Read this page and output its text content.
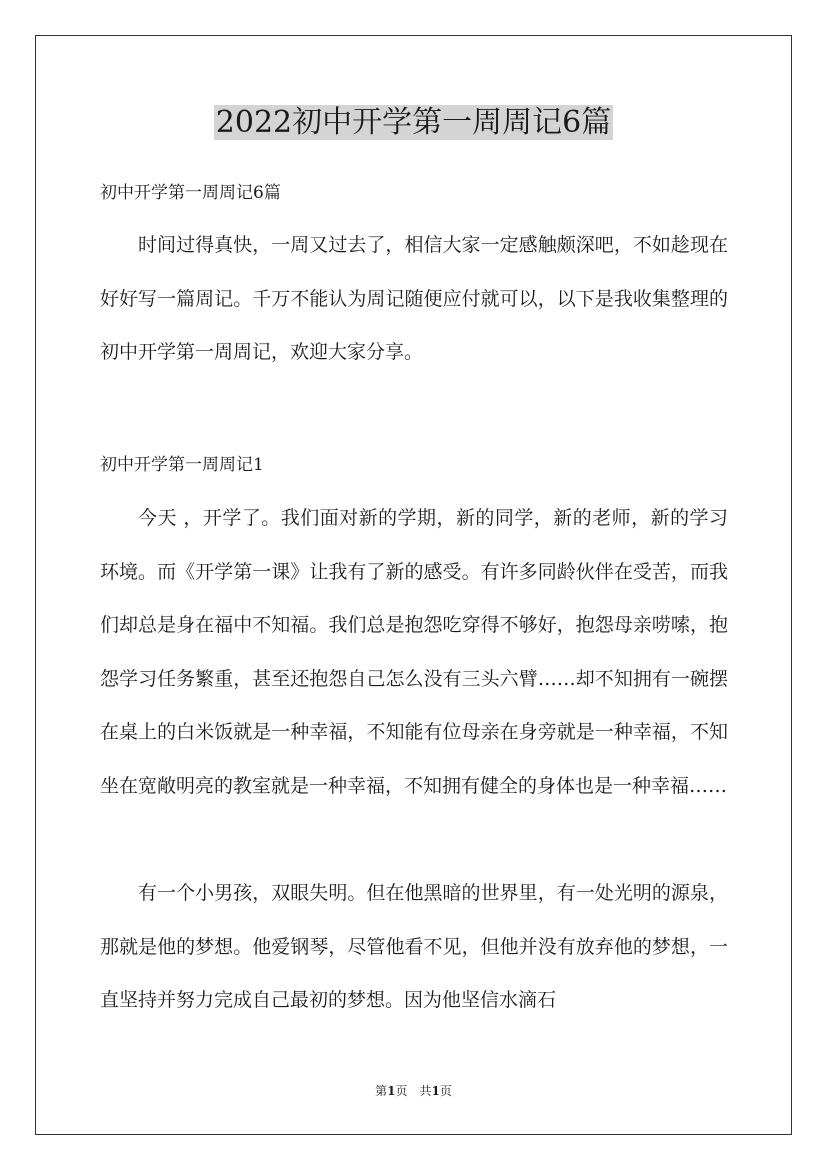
2022初中开学第一周周记6篇
初中开学第一周周记6篇

时间过得真快，一周又过去了，相信大家一定感触颇深吧，不如趁现在好好写一篇周记。千万不能认为周记随便应付就可以，以下是我收集整理的初中开学第一周周记，欢迎大家分享。

初中开学第一周周记1

今天 ，开学了。我们面对新的学期，新的同学，新的老师，新的学习环境。而《开学第一课》让我有了新的感受。有许多同龄伙伴在受苦，而我们却总是身在福中不知福。我们总是抱怨吃穿得不够好，抱怨母亲唠嗦，抱怨学习任务繁重，甚至还抱怨自己怎么没有三头六臂……却不知拥有一碗摆在桌上的白米饭就是一种幸福，不知能有位母亲在身旁就是一种幸福，不知坐在宽敞明亮的教室就是一种幸福，不知拥有健全的身体也是一种幸福……

有一个小男孩，双眼失明。但在他黑暗的世界里，有一处光明的源泉，那就是他的梦想。他爱钢琴，尽管他看不见，但他并没有放弃他的梦想，一直坚持并努力完成自己最初的梦想。因为他坚信水滴石

第1页　共1页
